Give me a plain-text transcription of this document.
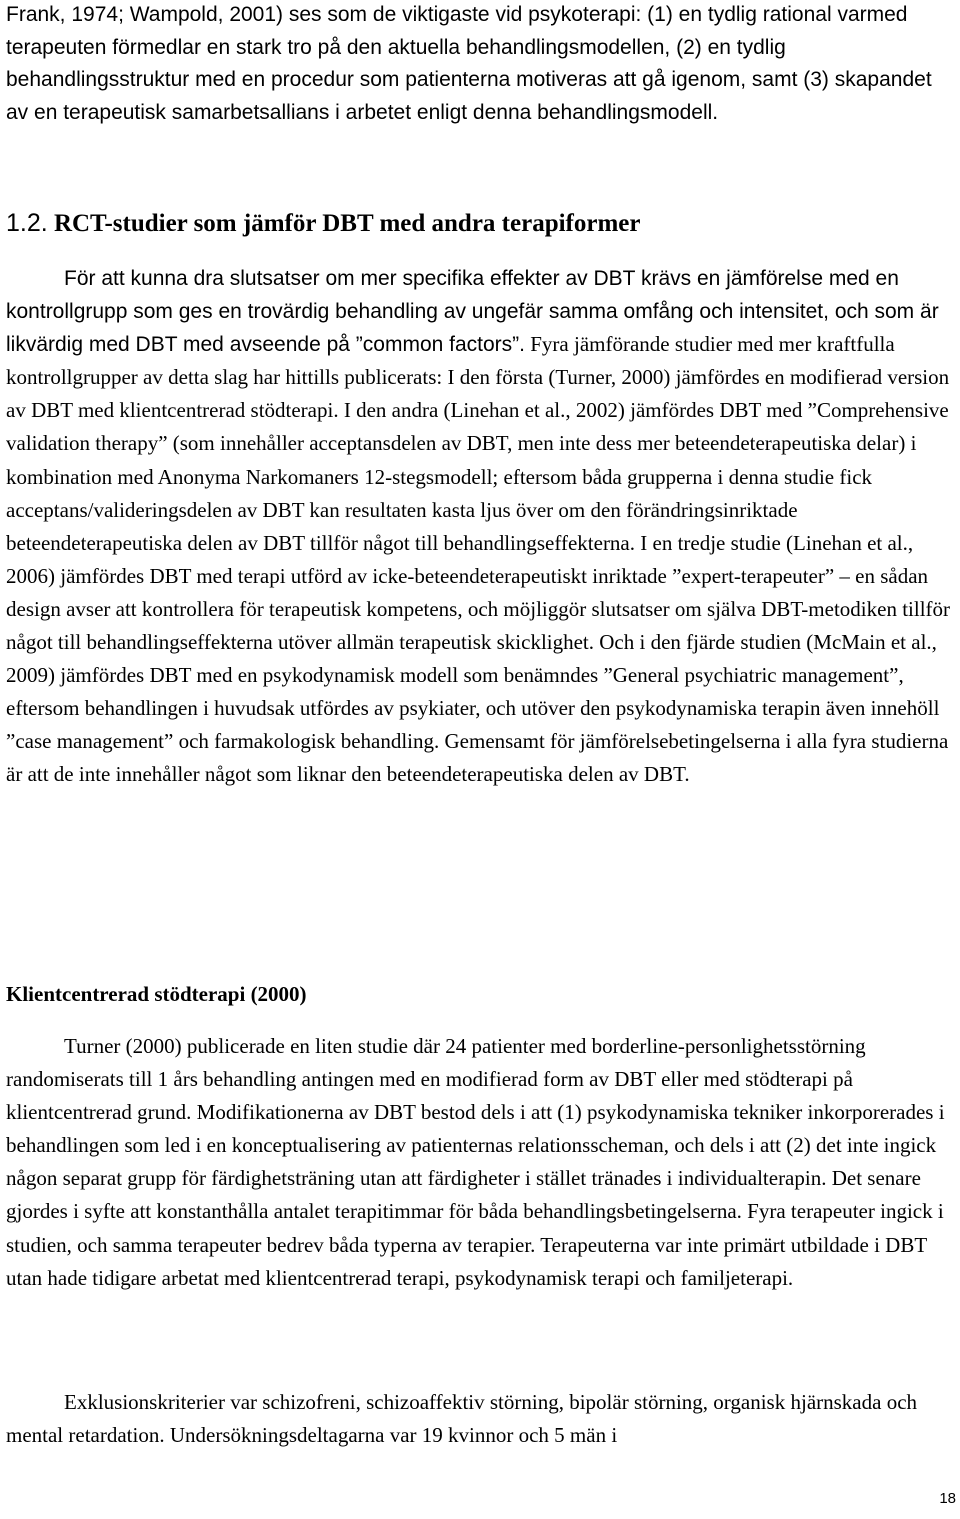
Frank, 1974; Wampold, 2001) ses som de viktigaste vid psykoterapi: (1) en tydlig rational varmed terapeuten förmedlar en stark tro på den aktuella behandlingsmodellen, (2) en tydlig behandlingsstruktur med en procedur som patienterna motiveras att gå igenom, samt (3) skapandet av en terapeutisk samarbetsallians i arbetet enligt denna behandlingsmodell.

1.2. RCT-studier som jämför DBT med andra terapiformer

För att kunna dra slutsatser om mer specifika effekter av DBT krävs en jämförelse med en kontrollgrupp som ges en trovärdig behandling av ungefär samma omfång och intensitet, och som är likvärdig med DBT med avseende på ”common factors”. Fyra jämförande studier med mer kraftfulla kontrollgrupper av detta slag har hittills publicerats: I den första (Turner, 2000) jämfördes en modifierad version av DBT med klientcentrerad stödterapi. I den andra (Linehan et al., 2002) jämfördes DBT med ”Comprehensive validation therapy” (som innehåller acceptansdelen av DBT, men inte dess mer beteendeterapeutiska delar) i kombination med Anonyma Narkomaners 12-stegsmodell; eftersom båda grupperna i denna studie fick acceptans/valideringsdelen av DBT kan resultaten kasta ljus över om den förändringsinriktade beteendeterapeutiska delen av DBT tillför något till behandlingseffekterna. I en tredje studie (Linehan et al., 2006) jämfördes DBT med terapi utförd av icke-beteendeterapeutiskt inriktade ”expert-terapeuter” – en sådan design avser att kontrollera för terapeutisk kompetens, och möjliggör slutsatser om själva DBT-metodiken tillför något till behandlingseffekterna utöver allmän terapeutisk skicklighet. Och i den fjärde studien (McMain et al., 2009) jämfördes DBT med en psykodynamisk modell som benämndes ”General psychiatric management”, eftersom behandlingen i huvudsak utfördes av psykiater, och utöver den psykodynamiska terapin även innehöll ”case management” och farmakologisk behandling. Gemensamt för jämförelsebetingelserna i alla fyra studierna är att de inte innehåller något som liknar den beteendeterapeutiska delen av DBT.

Klientcentrerad stödterapi (2000)

Turner (2000) publicerade en liten studie där 24 patienter med borderline-personlighetsstörning randomiserats till 1 års behandling antingen med en modifierad form av DBT eller med stödterapi på klientcentrerad grund. Modifikationerna av DBT bestod dels i att (1) psykodynamiska tekniker inkorporerades i behandlingen som led i en konceptualisering av patienternas relationsscheman, och dels i att (2) det inte ingick någon separat grupp för färdighetsträning utan att färdigheter i stället tränades i individualterapin. Det senare gjordes i syfte att konstanthålla antalet terapitimmar för båda behandlingsbetingelserna. Fyra terapeuter ingick i studien, och samma terapeuter bedrev båda typerna av terapier. Terapeuterna var inte primärt utbildade i DBT utan hade tidigare arbetat med klientcentrerad terapi, psykodynamisk terapi och familjeterapi.

Exklusionskriterier var schizofreni, schizoaffektiv störning, bipolär störning, organisk hjärnskada och mental retardation. Undersökningsdeltagarna var 19 kvinnor och 5 män i

18
